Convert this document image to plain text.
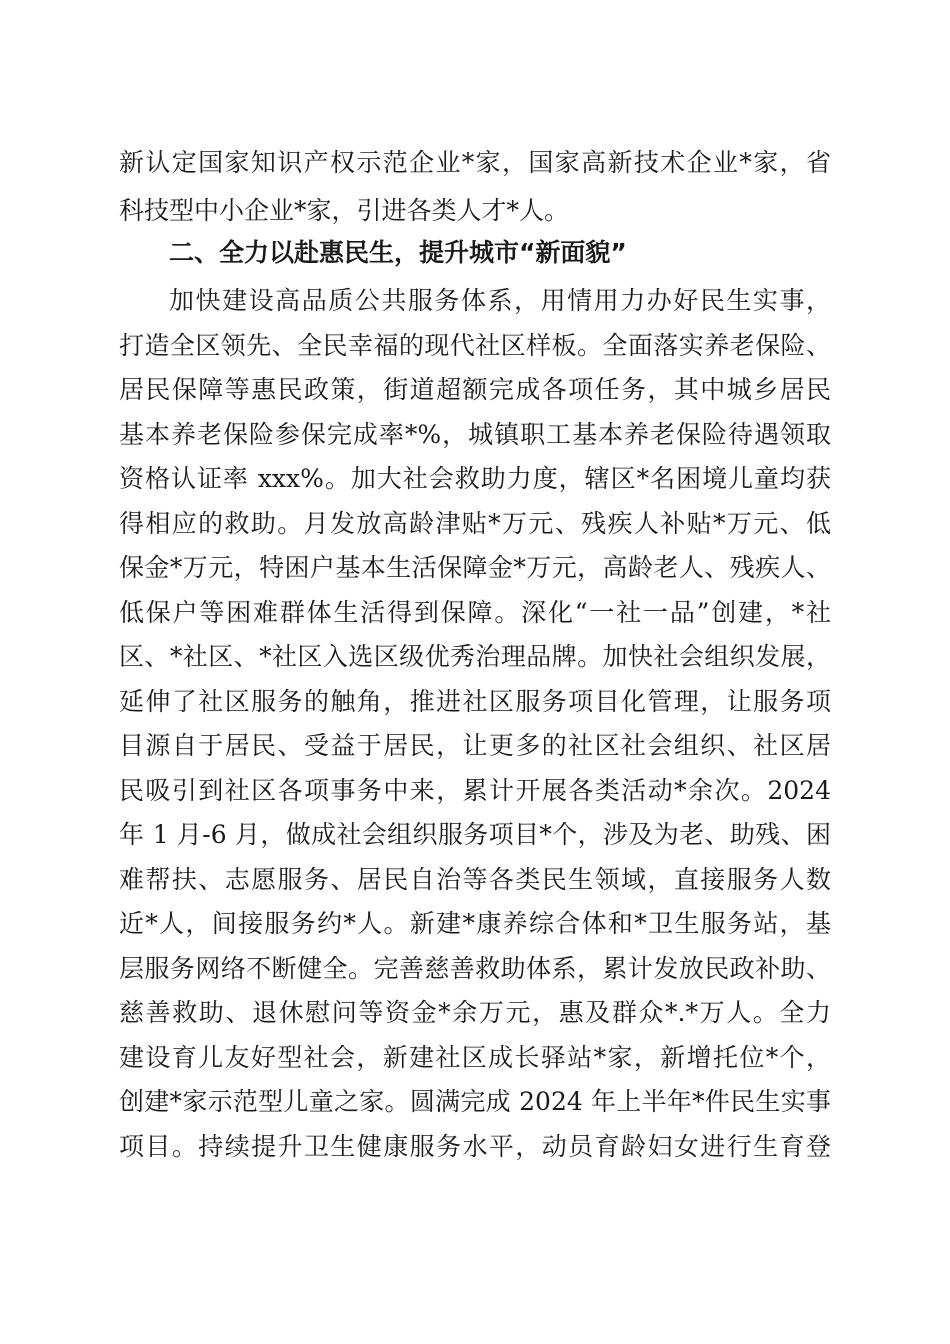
新认定国家知识产权示范企业*家，国家高新技术企业*家，省
科技型中小企业*家，引进各类人才*人。
二、全力以赴惠民生，提升城市“新面貌”
加快建设高品质公共服务体系，用情用力办好民生实事，
打造全区领先、全民幸福的现代社区样板。全面落实养老保险、
居民保障等惠民政策，街道超额完成各项任务，其中城乡居民
基本养老保险参保完成率*%，城镇职工基本养老保险待遇领取
资格认证率 xxx%。加大社会救助力度，辖区*名困境儿童均获
得相应的救助。月发放高龄津贴*万元、残疾人补贴*万元、低
保金*万元，特困户基本生活保障金*万元，高龄老人、残疾人、
低保户等困难群体生活得到保障。深化“一社一品”创建，*社
区、*社区、*社区入选区级优秀治理品牌。加快社会组织发展，
延伸了社区服务的触角，推进社区服务项目化管理，让服务项
目源自于居民、受益于居民，让更多的社区社会组织、社区居
民吸引到社区各项事务中来，累计开展各类活动*余次。2024
年 1 月-6 月，做成社会组织服务项目*个，涉及为老、助残、困
难帮扶、志愿服务、居民自治等各类民生领域，直接服务人数
近*人，间接服务约*人。新建*康养综合体和*卫生服务站，基
层服务网络不断健全。完善慈善救助体系，累计发放民政补助、
慈善救助、退休慰问等资金*余万元，惠及群众*.*万人。全力
建设育儿友好型社会，新建社区成长驿站*家，新增托位*个，
创建*家示范型儿童之家。圆满完成 2024 年上半年*件民生实事
项目。持续提升卫生健康服务水平，动员育龄妇女进行生育登
